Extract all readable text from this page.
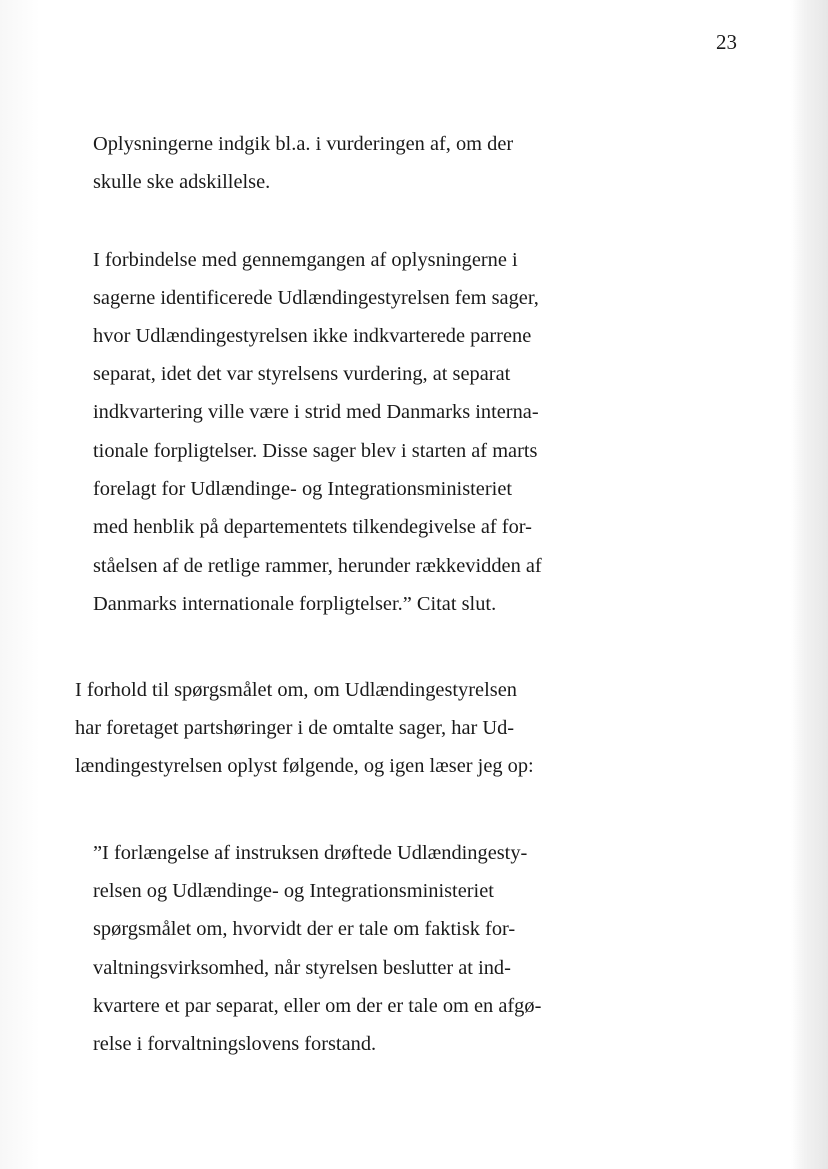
23
Oplysningerne indgik bl.a. i vurderingen af, om der
skulle ske adskillelse.
I forbindelse med gennemgangen af oplysningerne i
sagerne identificerede Udlændingestyrelsen fem sager,
hvor Udlændingestyrelsen ikke indkvarterede parrene
separat, idet det var styrelsens vurdering, at separat
indkvartering ville være i strid med Danmarks interna-
tionale forpligtelser. Disse sager blev i starten af marts
forelagt for Udlændinge- og Integrationsministeriet
med henblik på departementets tilkendegivelse af for-
ståelsen af de retlige rammer, herunder rækkevidden af
Danmarks internationale forpligtelser.” Citat slut.
I forhold til spørgsmålet om, om Udlændingestyrelsen
har foretaget partshøringer i de omtalte sager, har Ud-
lændingestyrelsen oplyst følgende, og igen læser jeg op:
”I forlængelse af instruksen drøftede Udlændingesty-
relsen og Udlændinge- og Integrationsministeriet
spørgsmålet om, hvorvidt der er tale om faktisk for-
valtningsvirksomhed, når styrelsen beslutter at ind-
kvartere et par separat, eller om der er tale om en afgø-
relse i forvaltningslovens forstand.
